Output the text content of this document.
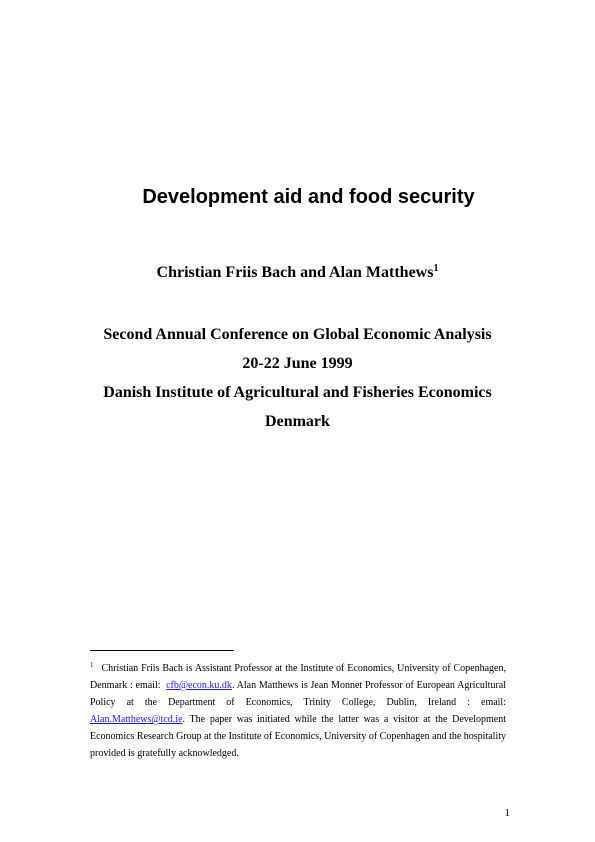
Development aid and food security
Christian Friis Bach and Alan Matthews$^1$
Second Annual Conference on Global Economic Analysis
20-22 June 1999
Danish Institute of Agricultural and Fisheries Economics
Denmark
$^1$ Christian Friis Bach is Assistant Professor at the Institute of Economics, University of Copenhagen,
Denmark : email: cfb@econ.ku.dk. Alan Matthews is Jean Monnet Professor of European Agricultural
Policy at the Department of Economics, Trinity College, Dublin, Ireland : email:
Alan.Matthews@tcd.ie. The paper was initiated while the latter was a visitor at the Development
Economics Research Group at the Institute of Economics, University of Copenhagen and the hospitality
provided is gratefully acknowledged.
1
